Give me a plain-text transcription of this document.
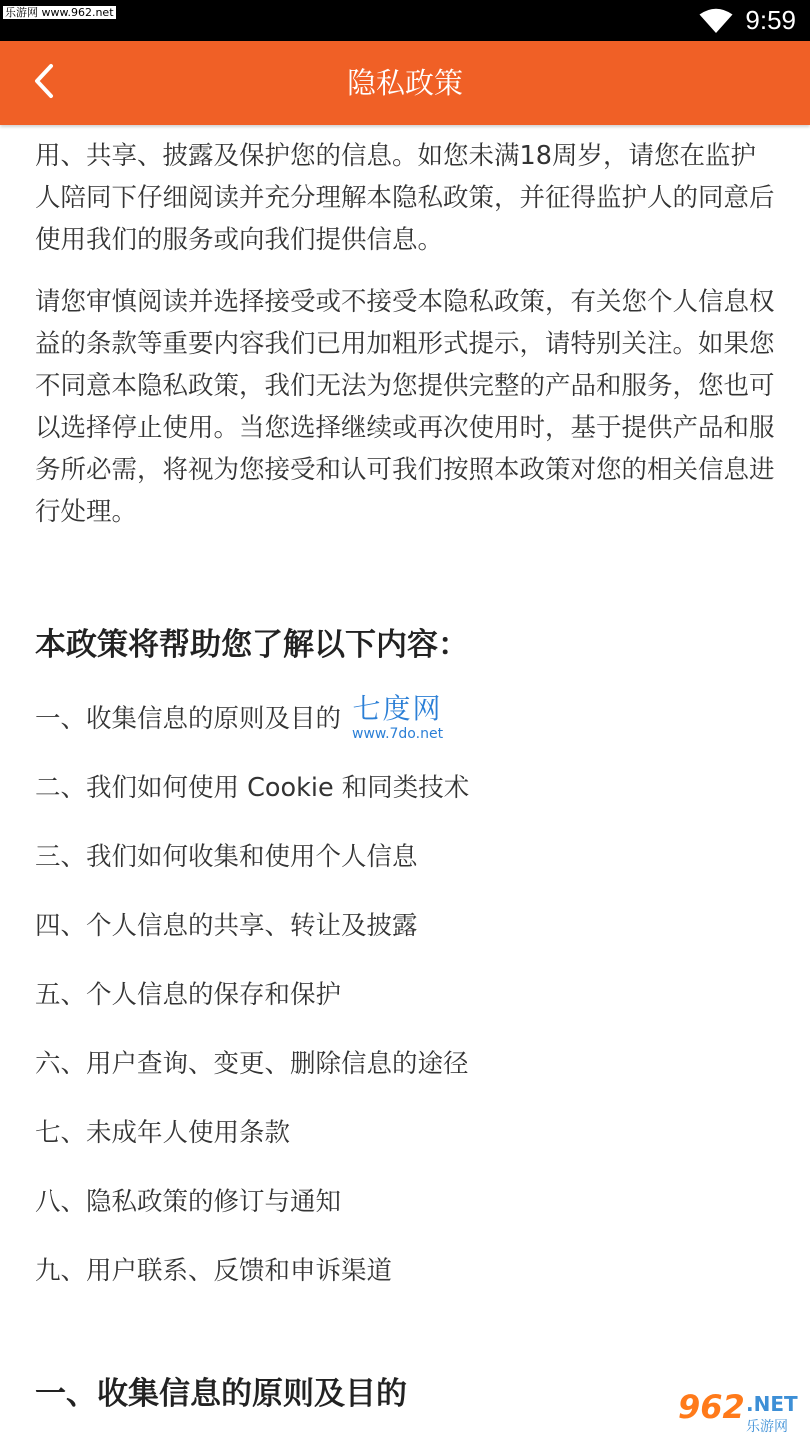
乐游网 www.962.net	9:59
隐私政策

用、共享、披露及保护您的信息。如您未满18周岁，请您在监护人陪同下仔细阅读并充分理解本隐私政策，并征得监护人的同意后使用我们的服务或向我们提供信息。

请您审慎阅读并选择接受或不接受本隐私政策，有关您个人信息权益的条款等重要内容我们已用加粗形式提示，请特别关注。如果您不同意本隐私政策，我们无法为您提供完整的产品和服务，您也可以选择停止使用。当您选择继续或再次使用时，基于提供产品和服务所必需，将视为您接受和认可我们按照本政策对您的相关信息进行处理。

本政策将帮助您了解以下内容：
一、收集信息的原则及目的
二、我们如何使用 Cookie 和同类技术
三、我们如何收集和使用个人信息
四、个人信息的共享、转让及披露
五、个人信息的保存和保护
六、用户查询、变更、删除信息的途径
七、未成年人使用条款
八、隐私政策的修订与通知
九、用户联系、反馈和申诉渠道
一、收集信息的原则及目的
七度网
www.7do.net
962 .NET
乐游网
